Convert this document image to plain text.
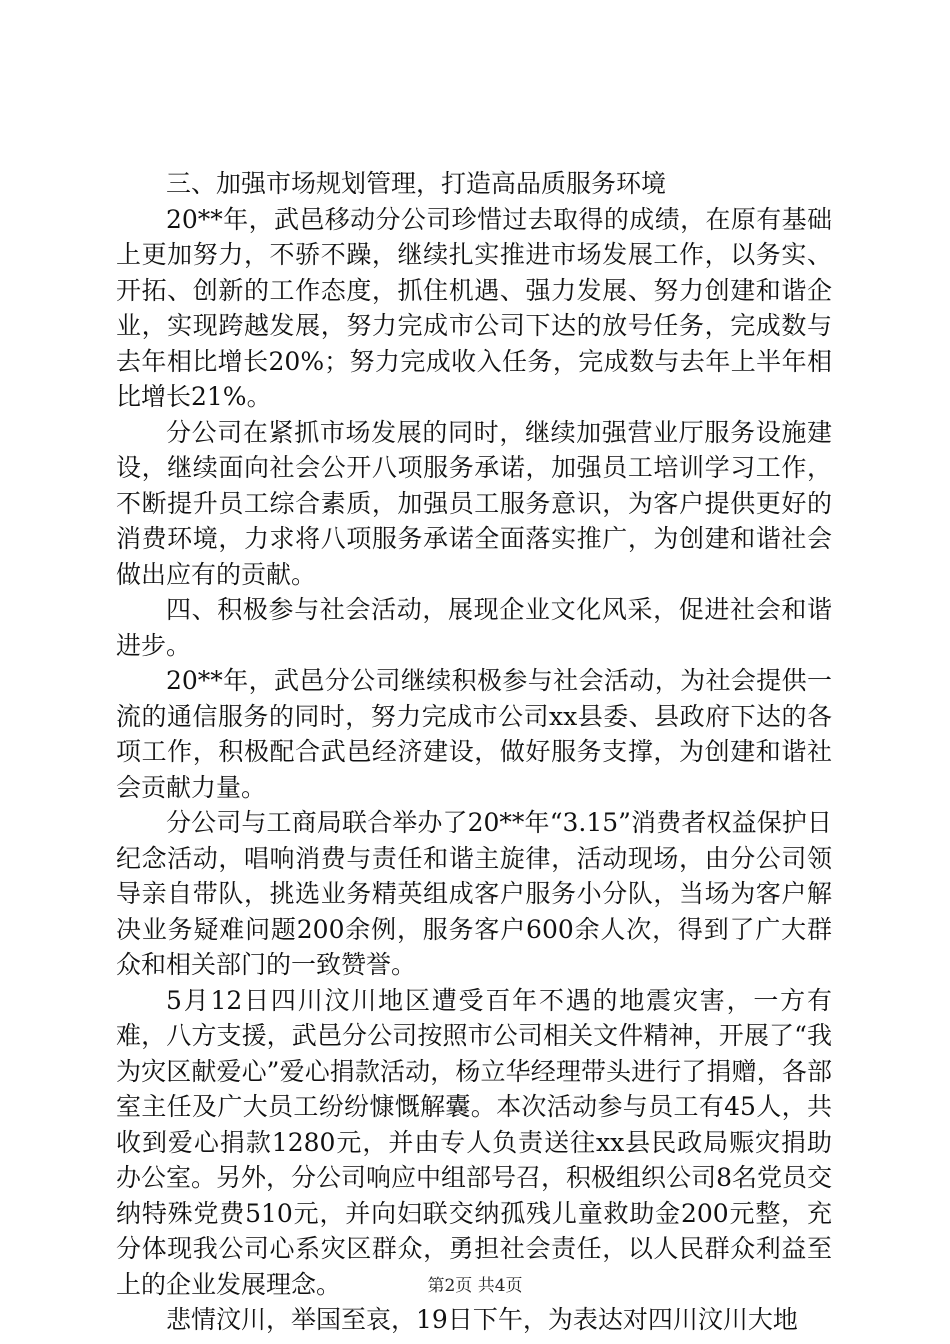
三、加强市场规划管理，打造高品质服务环境

20**年，武邑移动分公司珍惜过去取得的成绩，在原有基础上更加努力，不骄不躁，继续扎实推进市场发展工作，以务实、开拓、创新的工作态度，抓住机遇、强力发展、努力创建和谐企业，实现跨越发展，努力完成市公司下达的放号任务，完成数与去年相比增长20%；努力完成收入任务，完成数与去年上半年相比增长21%。

分公司在紧抓市场发展的同时，继续加强营业厅服务设施建设，继续面向社会公开八项服务承诺，加强员工培训学习工作，不断提升员工综合素质，加强员工服务意识，为客户提供更好的消费环境，力求将八项服务承诺全面落实推广，为创建和谐社会做出应有的贡献。

四、积极参与社会活动，展现企业文化风采，促进社会和谐进步。

20**年，武邑分公司继续积极参与社会活动，为社会提供一流的通信服务的同时，努力完成市公司xx县委、县政府下达的各项工作，积极配合武邑经济建设，做好服务支撑，为创建和谐社会贡献力量。

分公司与工商局联合举办了20**年“3.15”消费者权益保护日纪念活动，唱响消费与责任和谐主旋律，活动现场，由分公司领导亲自带队，挑选业务精英组成客户服务小分队，当场为客户解决业务疑难问题200余例，服务客户600余人次，得到了广大群众和相关部门的一致赞誉。

5月12日四川汶川地区遭受百年不遇的地震灾害，一方有难，八方支援，武邑分公司按照市公司相关文件精神，开展了“我为灾区献爱心”爱心捐款活动，杨立华经理带头进行了捐赠，各部室主任及广大员工纷纷慷慨解囊。本次活动参与员工有45人，共收到爱心捐款1280元，并由专人负责送往xx县民政局赈灾捐助办公室。另外，分公司响应中组部号召，积极组织公司8名党员交纳特殊党费510元，并向妇联交纳孤残儿童救助金200元整，充分体现我公司心系灾区群众，勇担社会责任，以人民群众利益至上的企业发展理念。

悲情汶川，举国至哀，19日下午，为表达对四川汶川大地

第2页 共4页
